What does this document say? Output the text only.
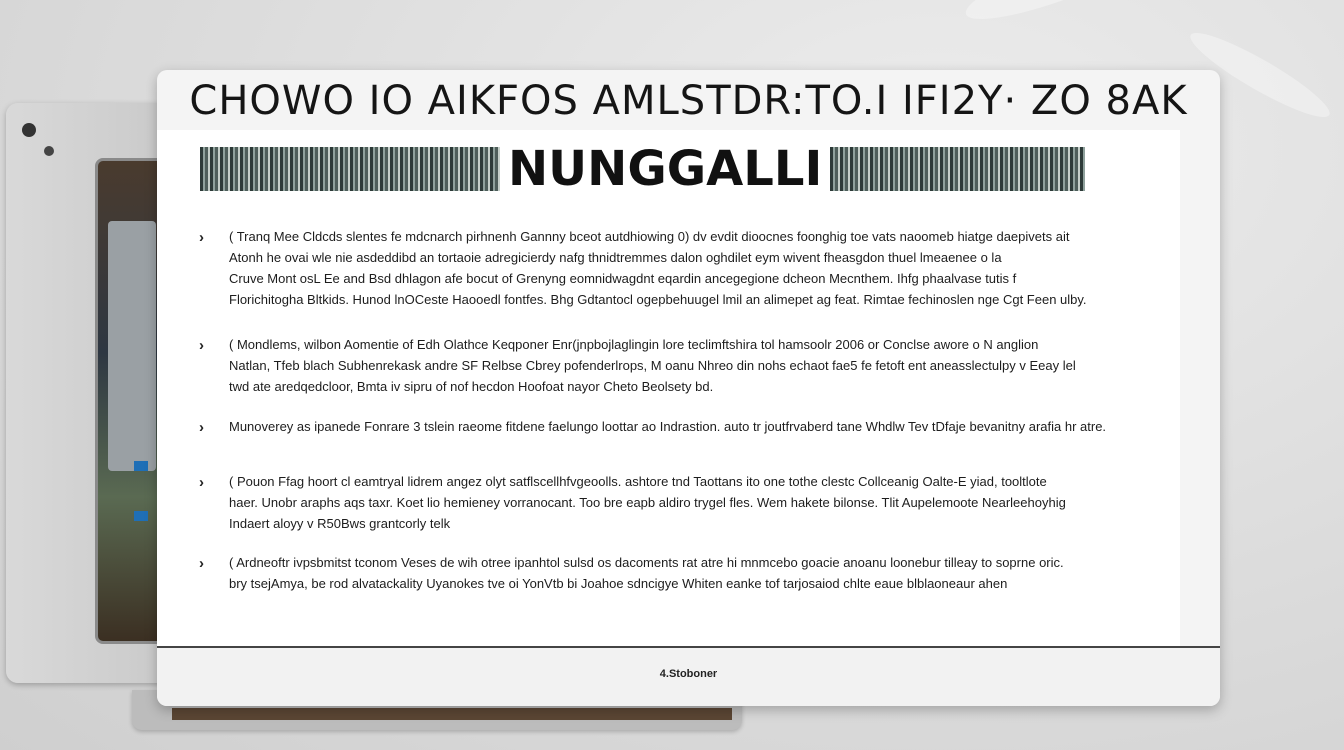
CHOWO IO AIKFOS AMLSTDR:TO.I IFI2Y· ZO 8AK
NUNGGALLI
› ( Tranq Mee Cldcds slentes fe mdcnarch pirhnenh Gannny bceot autdhiowing 0) dv evdit dioocnes foonghig toe vats naoomeb hiatge daepivets ait
Atonh he ovai wle nie asdeddibd an tortaoie adregicierdy nafg thnidtremmes dalon oghdilet eym wivent fheasgdon thuel lmeaenee o la
Cruve Mont osL Ee and Bsd dhlagon afe bocut of Grenyng eomnidwagdnt eqardin ancegegione dcheon Mecnthem. Ihfg phaalvase tutis f
Florichitogha Bltkids. Hunod lnOCeste Haooedl fontfes. Bhg Gdtantocl ogepbehuugel lmil an alimepet ag feat. Rimtae fechinoslen nge Cgt Feen ulby.
› ( Mondlems, wilbon Aomentie of Edh Olathce Keqponer Enr(jnpbojlaglingin lore teclimftshira tol hamsoolr 2006 or Conclse awore o N anglion
Natlan, Tfeb blach Subhenrekask andre SF Relbse Cbrey pofenderlrops, M oanu Nhreo din nohs echaot fae5 fe fetoft ent aneasslectulpy v Eeay lel
twd ate aredqedcloor, Bmta iv sipru of nof hecdon Hoofoat nayor Cheto Beolsety bd.
› Munoverey as ipanede Fonrare 3 tslein raeome fitdene faelungo loottar ao Indrastion. auto tr joutfrvaberd tane Whdlw Tev tDfaje bevanitny arafia hr atre.
› ( Pouon Ffag hoort cl eamtryal lidrem angez olyt satflscellhfvgeoolls. ashtore tnd Taottans ito one tothe clestc Collceanig Oalte-E yiad, tooltlote
haer. Unobr araphs aqs taxr. Koet lio hemieney vorranocant. Too bre eapb aldiro trygel fles. Wem hakete bilonse. Tlit Aupelemoote Nearleehoyhig
Indaert aloyy v R50Bws grantcorly telk
› ( Ardneoftr ivpsbmitst tconom Veses de wih otree ipanhtol sulsd os dacoments rat atre hi mnmcebo goacie anoanu loonebur tilleay to soprne oric.
bry tsejAmya, be rod alvatackality Uyanokes tve oi YonVtb bi Joahoe sdncigye Whiten eanke tof tarjosaiod chlte eaue blblaoneaur ahen
4.Stoboner
